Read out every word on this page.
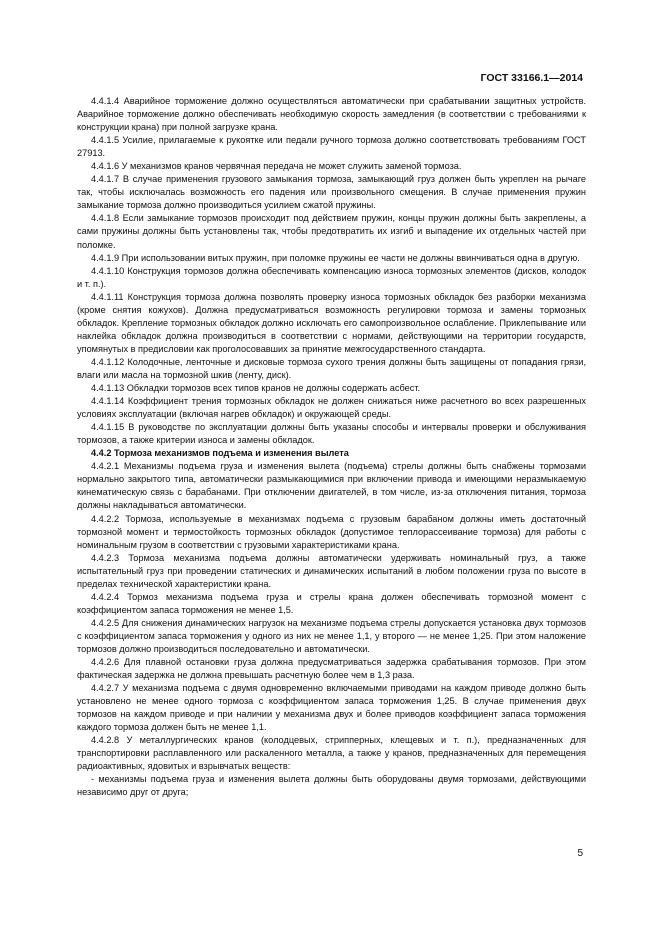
ГОСТ 33166.1—2014

4.4.1.4 Аварийное торможение должно осуществляться автоматически при срабатывании защитных устройств. Аварийное торможение должно обеспечивать необходимую скорость замедления (в соответствии с требованиями к конструкции крана) при полной загрузке крана.

4.4.1.5 Усилие, прилагаемые к рукоятке или педали ручного тормоза должно соответствовать требованиям ГОСТ 27913.

4.4.1.6 У механизмов кранов червячная передача не может служить заменой тормоза.

4.4.1.7 В случае применения грузового замыкания тормоза, замыкающий груз должен быть укреплен на рычаге так, чтобы исключалась возможность его падения или произвольного смещения. В случае применения пружин замыкание тормоза должно производиться усилием сжатой пружины.

4.4.1.8 Если замыкание тормозов происходит под действием пружин, концы пружин должны быть закреплены, а сами пружины должны быть установлены так, чтобы предотвратить их изгиб и выпадение их отдельных частей при поломке.

4.4.1.9 При использовании витых пружин, при поломке пружины ее части не должны ввинчиваться одна в другую.

4.4.1.10 Конструкция тормозов должна обеспечивать компенсацию износа тормозных элементов (дисков, колодок и т. п.).

4.4.1.11 Конструкция тормоза должна позволять проверку износа тормозных обкладок без разборки механизма (кроме снятия кожухов). Должна предусматриваться возможность регулировки тормоза и замены тормозных обкладок. Крепление тормозных обкладок должно исключать его самопроизвольное ослабление. Приклепывание или наклейка обкладок должна производиться в соответствии с нормами, действующими на территории государств, упомянутых в предисловии как проголосовавших за принятие межгосударственного стандарта.

4.4.1.12 Колодочные, ленточные и дисковые тормоза сухого трения должны быть защищены от попадания грязи, влаги или масла на тормозной шкив (ленту, диск).

4.4.1.13 Обкладки тормозов всех типов кранов не должны содержать асбест.

4.4.1.14 Коэффициент трения тормозных обкладок не должен снижаться ниже расчетного во всех разрешенных условиях эксплуатации (включая нагрев обкладок) и окружающей среды.

4.4.1.15 В руководстве по эксплуатации должны быть указаны способы и интервалы проверки и обслуживания тормозов, а также критерии износа и замены обкладок.

4.4.2 Тормоза механизмов подъема и изменения вылета

4.4.2.1 Механизмы подъема груза и изменения вылета (подъема) стрелы должны быть снабжены тормозами нормально закрытого типа, автоматически размыкающимися при включении привода и имеющими неразмыкаемую кинематическую связь с барабанами. При отключении двигателей, в том числе, из-за отключения питания, тормоза должны накладываться автоматически.

4.4.2.2 Тормоза, используемые в механизмах подъема с грузовым барабаном должны иметь достаточный тормозной момент и термостойкость тормозных обкладок (допустимое теплорассеивание тормоза) для работы с номинальным грузом в соответствии с грузовыми характеристиками крана.

4.4.2.3 Тормоза механизма подъема должны автоматически удерживать номинальный груз, а также испытательный груз при проведении статических и динамических испытаний в любом положении груза по высоте в пределах технической характеристики крана.

4.4.2.4 Тормоз механизма подъема груза и стрелы крана должен обеспечивать тормозной момент с коэффициентом запаса торможения не менее 1,5.

4.4.2.5 Для снижения динамических нагрузок на механизме подъема стрелы допускается установка двух тормозов с коэффициентом запаса торможения у одного из них не менее 1,1, у второго — не менее 1,25. При этом наложение тормозов должно производиться последовательно и автоматически.

4.4.2.6 Для плавной остановки груза должна предусматриваться задержка срабатывания тормозов. При этом фактическая задержка не должна превышать расчетную более чем в 1,3 раза.

4.4.2.7 У механизма подъема с двумя одновременно включаемыми приводами на каждом приводе должно быть установлено не менее одного тормоза с коэффициентом запаса торможения 1,25. В случае применения двух тормозов на каждом приводе и при наличии у механизма двух и более приводов коэффициент запаса торможения каждого тормоза должен быть не менее 1,1.

4.4.2.8 У металлургических кранов (колодцевых, стрипперных, клещевых и т. п.), предназначенных для транспортировки расплавленного или раскаленного металла, а также у кранов, предназначенных для перемещения радиоактивных, ядовитых и взрывчатых веществ:

- механизмы подъема груза и изменения вылета должны быть оборудованы двумя тормозами, действующими независимо друг от друга;

5
